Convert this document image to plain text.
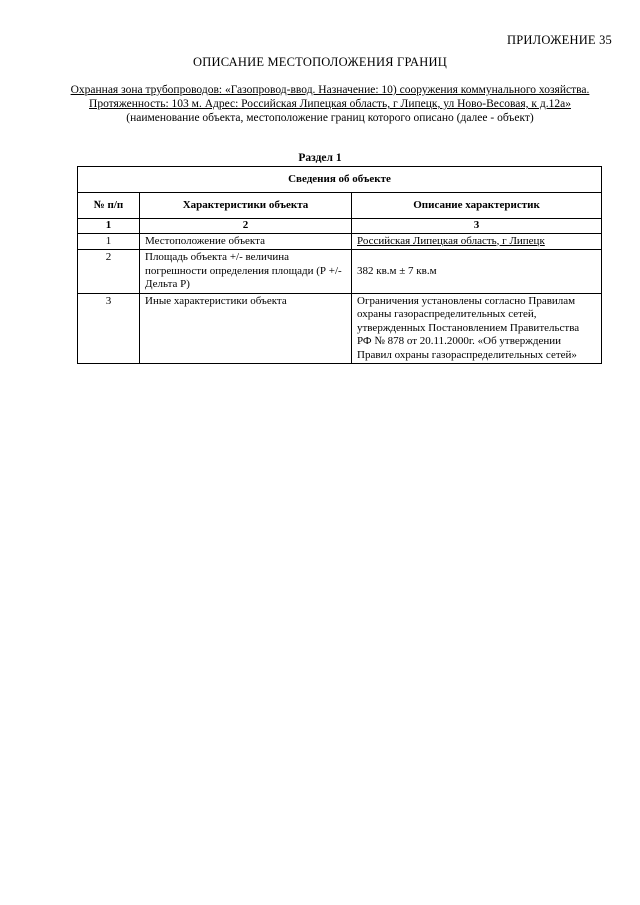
ПРИЛОЖЕНИЕ 35
ОПИСАНИЕ МЕСТОПОЛОЖЕНИЯ ГРАНИЦ
Охранная зона трубопроводов: «Газопровод-ввод. Назначение: 10) сооружения коммунального хозяйства. Протяженность: 103 м. Адрес: Российская Липецкая область, г Липецк, ул Ново-Весовая, к д.12а»
(наименование объекта, местоположение границ которого описано (далее - объект)
Раздел 1
Сведения об объекте		
№ п/п	Характеристики объекта	Описание характеристик
1	2	3
1	Местоположение объекта	Российская Липецкая область, г Липецк
2	Площадь объекта +/- величина погрешности определения площади (Р +/- Дельта Р)	382 кв.м ± 7 кв.м
3	Иные характеристики объекта	Ограничения установлены согласно Правилам охраны газораспределительных сетей, утвержденных Постановлением Правительства РФ № 878 от 20.11.2000г. «Об утверждении Правил охраны газораспределительных сетей»
